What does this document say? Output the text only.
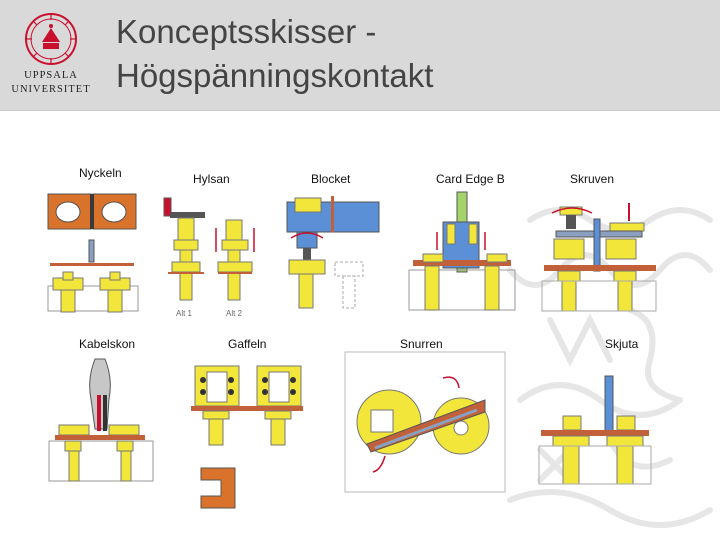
UPPSALA
UNIVERSITET
Konceptsskisser -
Högspänningskontakt
Nyckeln	Hylsan	Blocket	Card Edge B	Skruven
Kabelskon	Gaffeln	Snurren	Skjuta
Alt 1	Alt 2
